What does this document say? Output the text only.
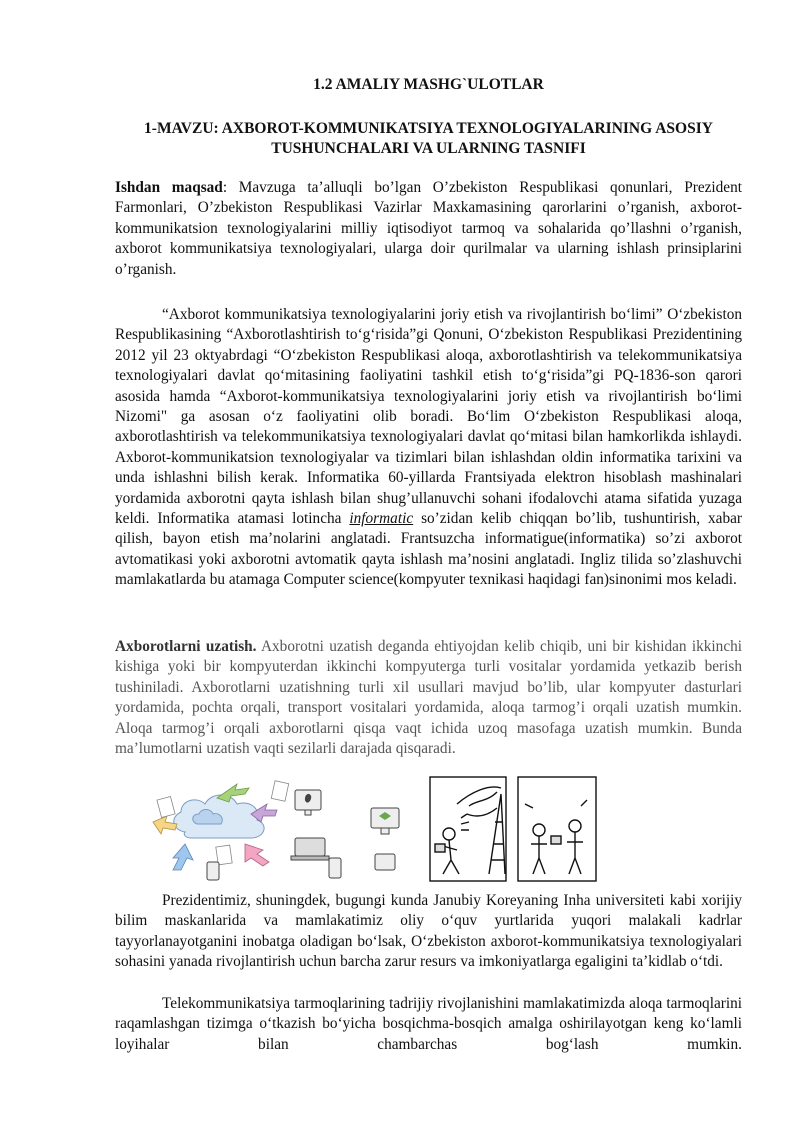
1.2 AMALIY MASHG`ULOTLAR
1-MAVZU: AXBOROT-KOMMUNIKATSIYA TEXNOLOGIYALARINING ASOSIY TUSHUNCHALARI VA ULARNING TASNIFI

Ishdan maqsad: Mavzuga ta’alluqli bo’lgan O’zbekiston Respublikasi qonunlari, Prezident Farmonlari, O’zbekiston Respublikasi Vazirlar Maxkamasining qarorlarini o’rganish, axborot-kommunikatsion texnologiyalarini milliy iqtisodiyot tarmoq va sohalarida qo’llashni o’rganish, axborot kommunikatsiya texnologiyalari, ularga doir qurilmalar va ularning ishlash prinsiplarini o’rganish.

“Axborot kommunikatsiya texnologiyalarini joriy etish va rivojlantirish bo‘limi” O‘zbekiston Respublikasining “Axborotlashtirish to‘g‘risida”gi Qonuni, O‘zbekiston Respublikasi Prezidentining 2012 yil 23 oktyabrdagi “O‘zbekiston Respublikasi aloqa, axborotlashtirish va telekommunikatsiya texnologiyalari davlat qo‘mitasining faoliyatini tashkil etish to‘g‘risida”gi PQ-1836-son qarori asosida hamda “Axborot-kommunikatsiya texnologiyalarini joriy etish va rivojlantirish bo‘limi Nizomi" ga asosan o‘z faoliyatini olib boradi. Bo‘lim O‘zbekiston Respublikasi aloqa, axborotlashtirish va telekommunikatsiya texnologiyalari davlat qo‘mitasi bilan hamkorlikda ishlaydi. Axborot-kommunikatsion texnologiyalar va tizimlari bilan ishlashdan oldin informatika tarixini va unda ishlashni bilish kerak. Informatika 60-yillarda Frantsiyada elektron hisoblash mashinalari yordamida axborotni qayta ishlash bilan shug’ullanuvchi sohani ifodalovchi atama sifatida yuzaga keldi. Informatika atamasi lotincha informatic so’zidan kelib chiqqan bo’lib, tushuntirish, xabar qilish, bayon etish ma’nolarini anglatadi. Frantsuzcha informatigue(informatika) so’zi axborot avtomatikasi yoki axborotni avtomatik qayta ishlash ma’nosini anglatadi. Ingliz tilida so’zlashuvchi mamlakatlarda bu atamaga Computer science(kompyuter texnikasi haqidagi fan)sinonimi mos keladi.

Axborotlarni uzatish. Axborotni uzatish deganda ehtiyojdan kelib chiqib, uni bir kishidan ikkinchi kishiga yoki bir kompyuterdan ikkinchi kompyuterga turli vositalar yordamida yetkazib berish tushiniladi. Axborotlarni uzatishning turli xil usullari mavjud bo’lib, ular kompyuter dasturlari yordamida, pochta orqali, transport vositalari yordamida, aloqa tarmog’i orqali uzatish mumkin. Aloqa tarmog’i orqali axborotlarni qisqa vaqt ichida uzoq masofaga uzatish mumkin. Bunda ma’lumotlarni uzatish vaqti sezilarli darajada qisqaradi.

Prezidentimiz, shuningdek, bugungi kunda Janubiy Koreyaning Inha universiteti kabi xorijiy bilim maskanlarida va mamlakatimiz oliy o‘quv yurtlarida yuqori malakali kadrlar tayyorlanayotganini inobatga oladigan bo‘lsak, O‘zbekiston axborot-kommunikatsiya texnologiyalari sohasini yanada rivojlantirish uchun barcha zarur resurs va imkoniyatlarga egaligini ta’kidlab o‘tdi.

Telekommunikatsiya tarmoqlarining tadrijiy rivojlanishini mamlakatimizda aloqa tarmoqlarini raqamlashgan tizimga o‘tkazish bo‘yicha bosqichma-bosqich amalga oshirilayotgan keng ko‘lamli loyihalar bilan chambarchas bog‘lash mumkin.
